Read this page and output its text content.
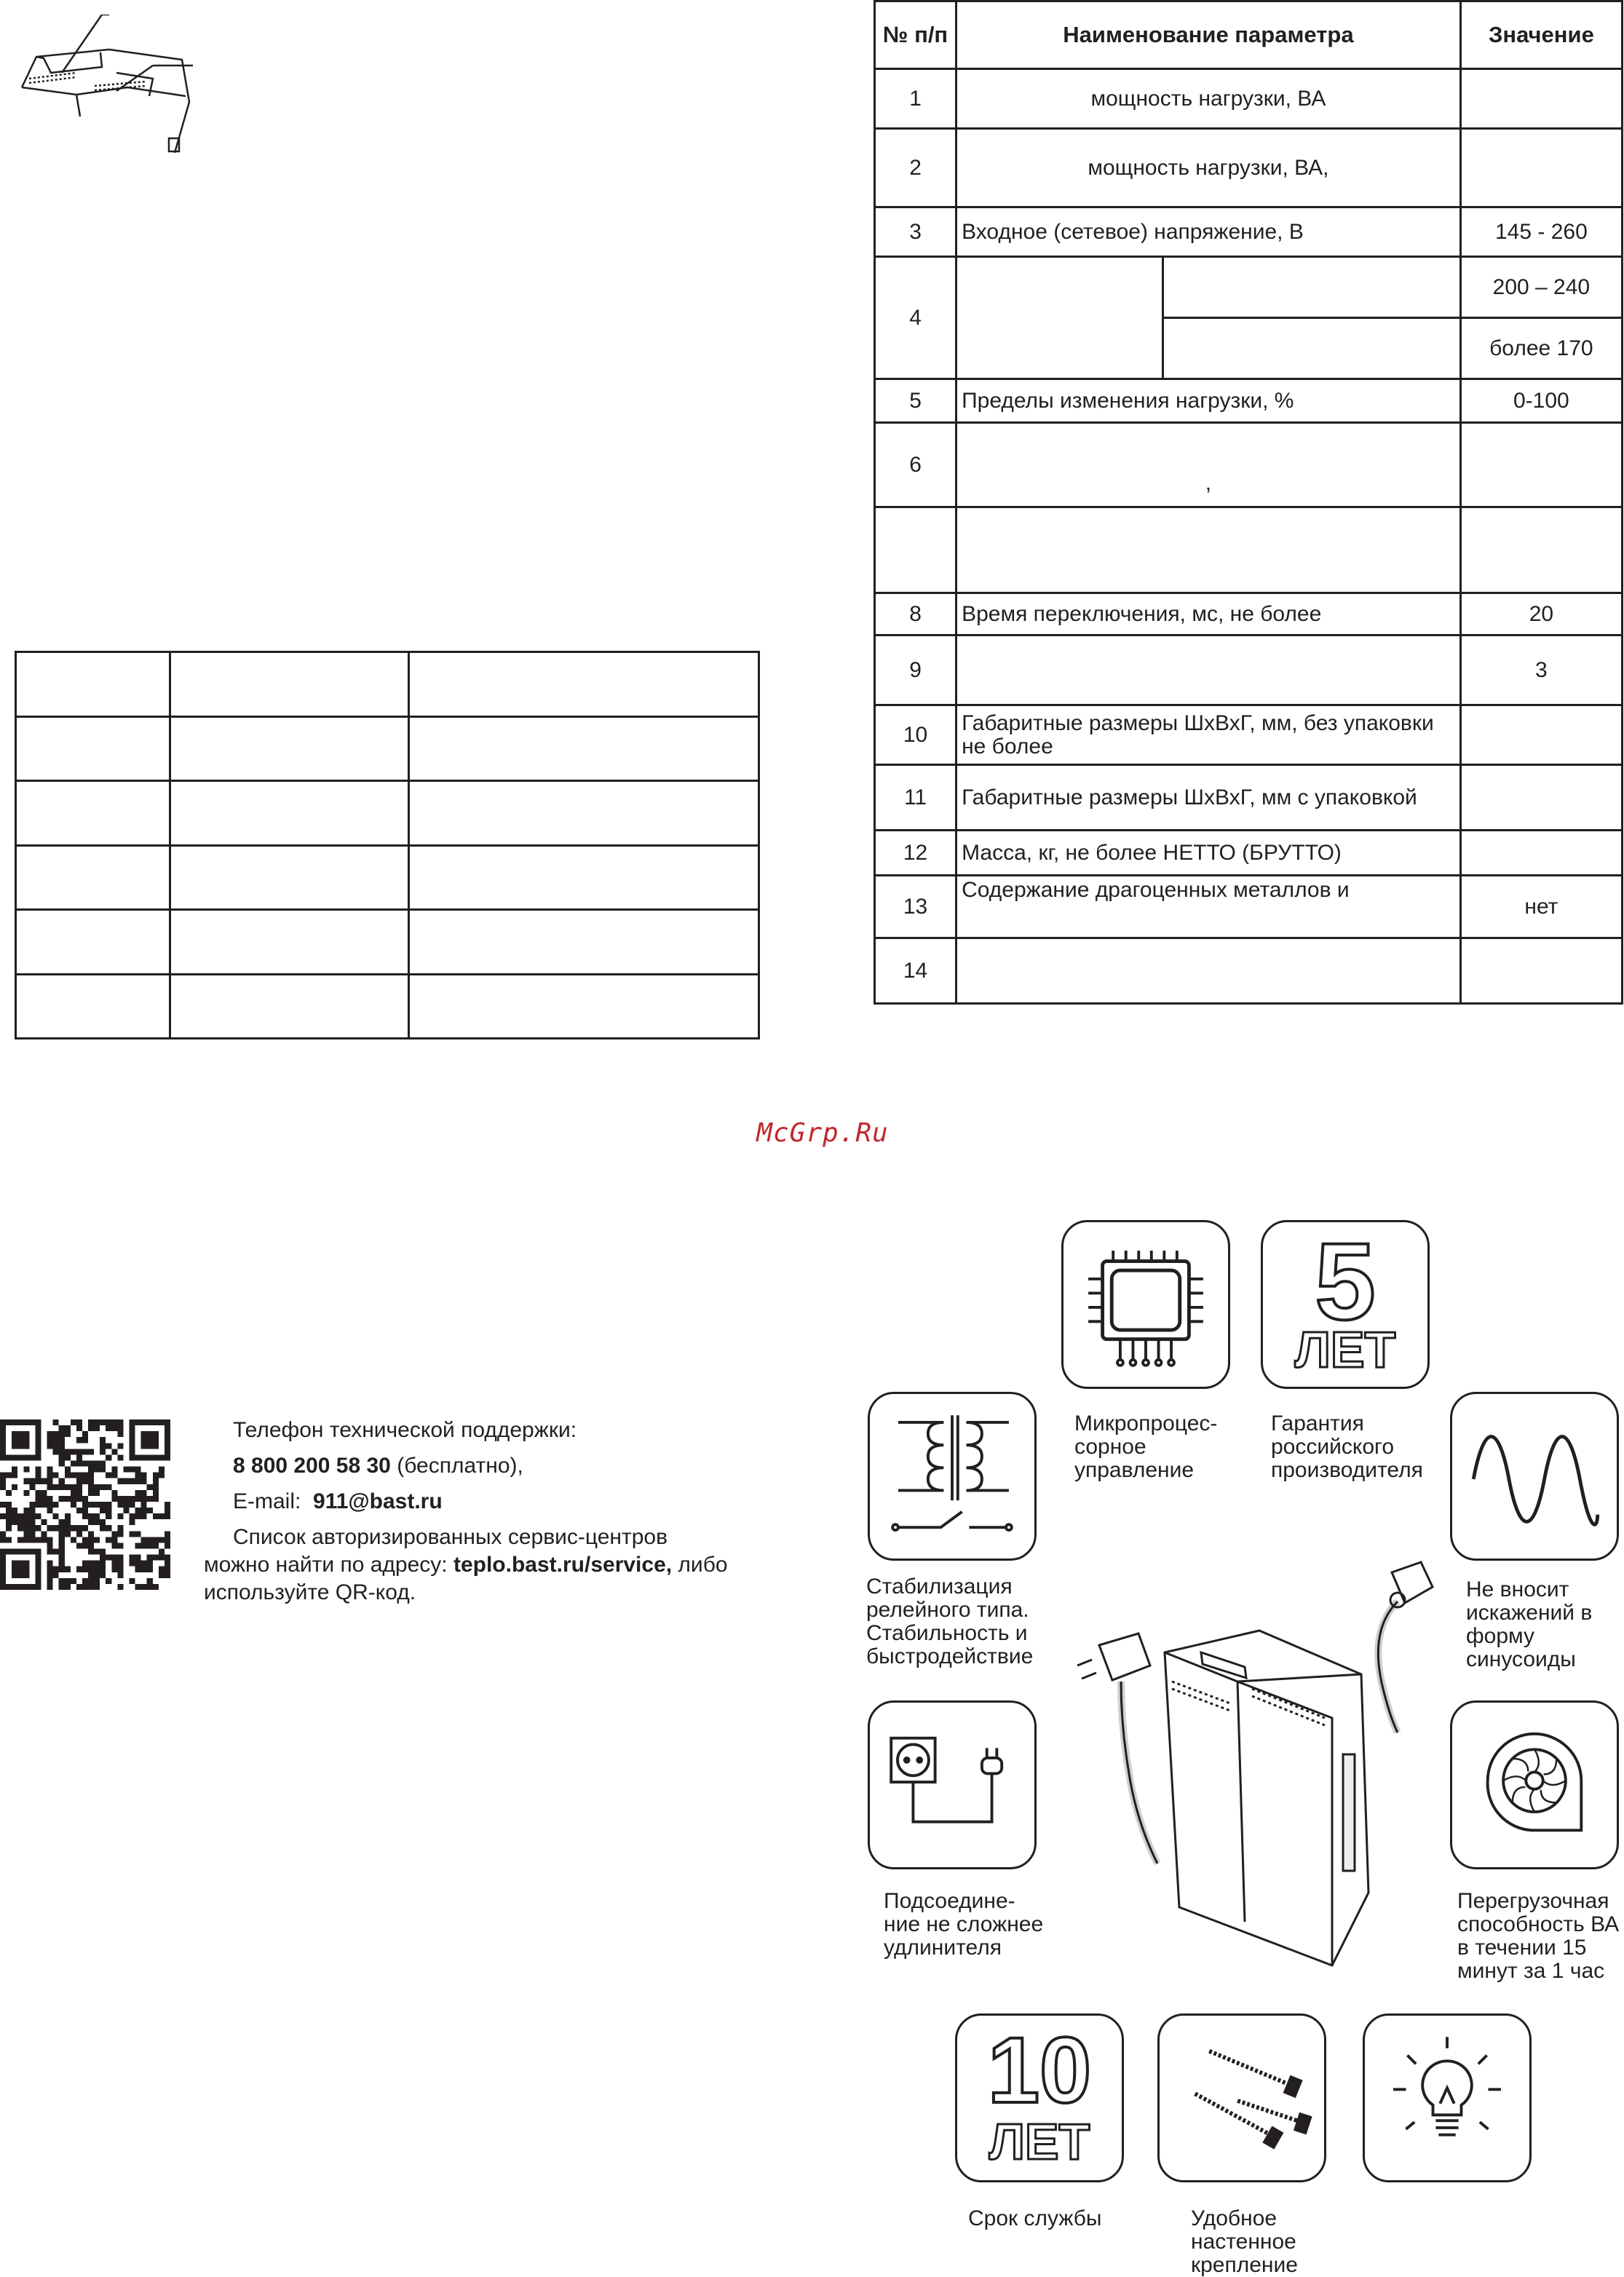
№ п/п	Наименование параметра		Значение
1	мощность нагрузки, ВА		
2	мощность нагрузки, ВА,		
3	Входное (сетевое) напряжение, В		145 - 260
4			200 – 240
			более 170
5	Пределы изменения нагрузки, %		0-100
6	,		

8	Время переключения, мс, не более		20
9			3
10	Габаритные размеры ШхВхГ, мм, без упаковки не более		
11	Габаритные размеры ШхВхГ, мм с упаковкой		
12	Масса, кг, не более НЕТТО (БРУТТО)		
13	Содержание драгоценных металлов и		нет
14			

McGrp.Ru

Телефон технической поддержки:

8 800 200 58 30 (бесплатно),

E-mail: 911@bast.ru

Список авторизированных сервис-центров

можно найти по адресу: teplo.bast.ru/service, либо

используйте QR-код.

Микропроцес- сорное управление
5
ЛЕТ
Гарантия российского производителя
Стабилизация релейного типа. Стабильность и быстродействие
Не вносит искажений в форму синусоиды
Подсоедине- ние не сложнее удлинителя
Перегрузочная способность ВА в течении 15 минут за 1 час
10
ЛЕТ
Срок службы	Удобное настенное крепление
